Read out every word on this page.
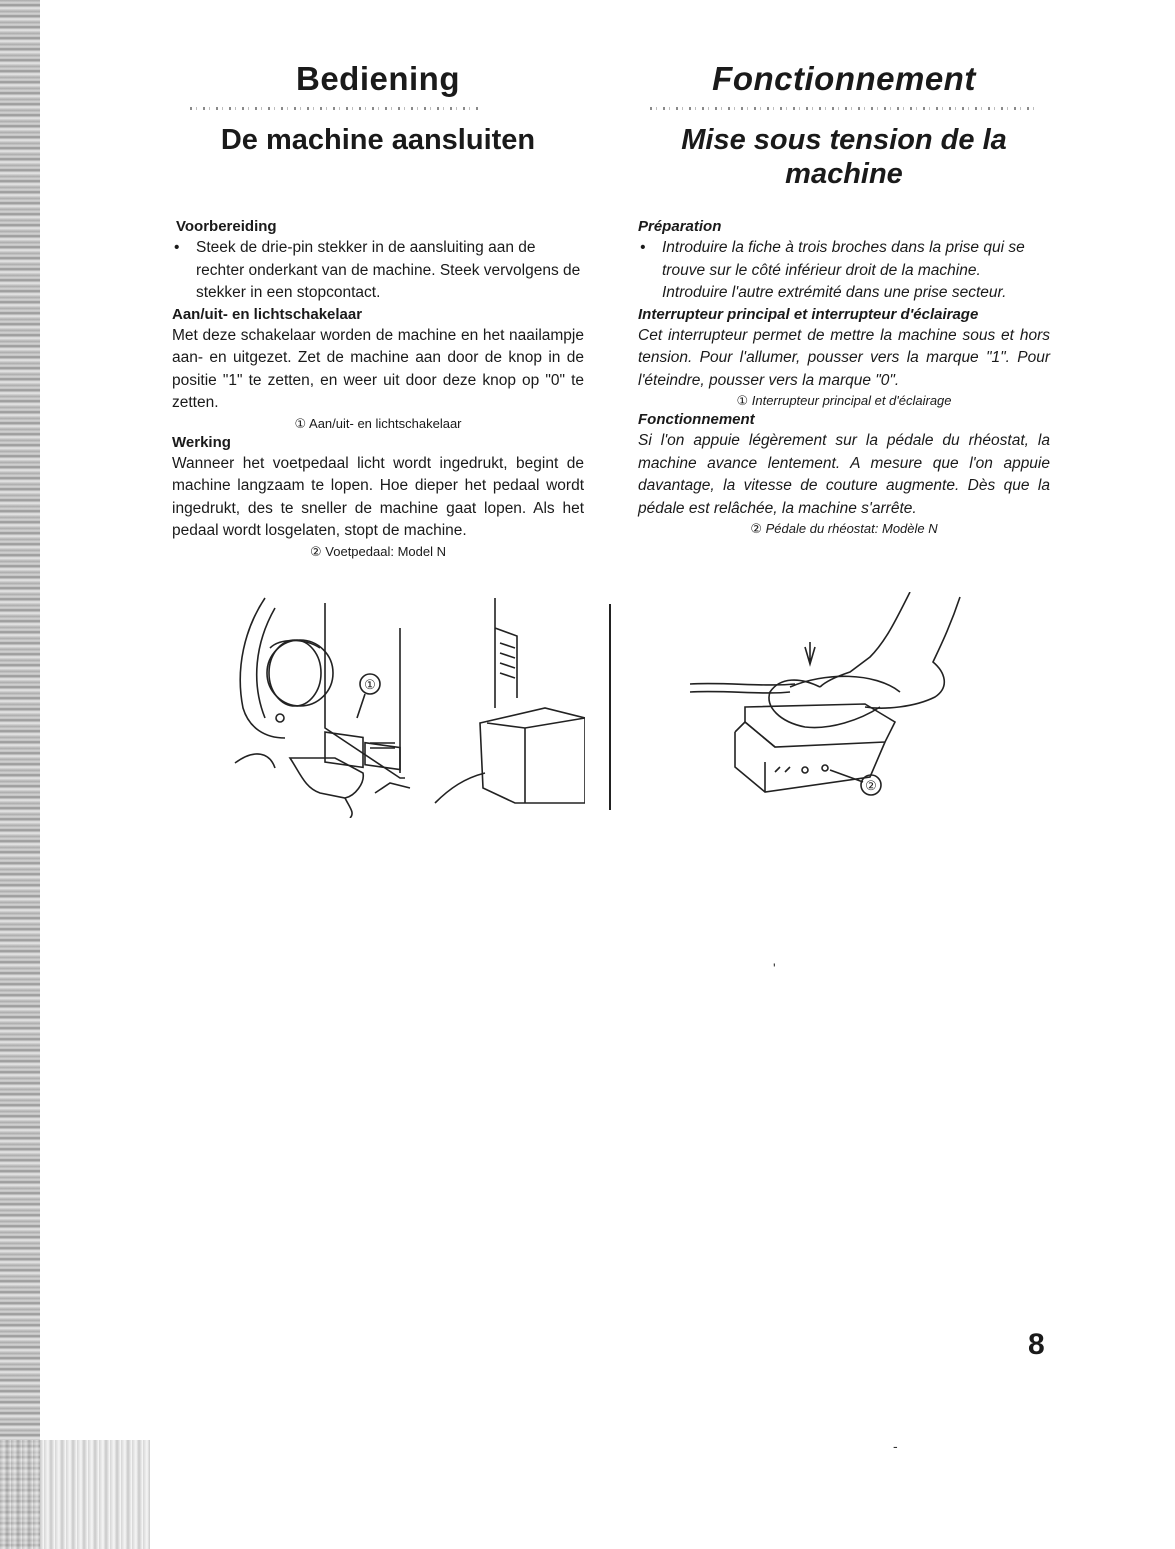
Bediening
De machine aansluiten

Voorbereiding

• Steek de drie-pin stekker in de aansluiting aan de rechter onderkant van de machine. Steek vervolgens de stekker in een stopcontact.

Aan/uit- en lichtschakelaar

Met deze schakelaar worden de machine en het naailampje aan- en uitgezet. Zet de machine aan door de knop in de positie "1" te zetten, en weer uit door deze knop op "0" te zetten.

① Aan/uit- en lichtschakelaar

Werking

Wanneer het voetpedaal licht wordt ingedrukt, begint de machine langzaam te lopen. Hoe dieper het pedaal wordt ingedrukt, des te sneller de machine gaat lopen. Als het pedaal wordt losgelaten, stopt de machine.

② Voetpedaal: Model N

Fonctionnement
Mise sous tension de la
machine

Préparation

• Introduire la fiche à trois broches dans la prise qui se trouve sur le côté inférieur droit de la machine. Introduire l'autre extrémité dans une prise secteur.

Interrupteur principal et interrupteur d'éclairage

Cet interrupteur permet de mettre la machine sous et hors tension. Pour l'allumer, pousser vers la marque "1". Pour l'éteindre, pousser vers la marque "0".

① Interrupteur principal et d'éclairage

Fonctionnement

Si l'on appuie légèrement sur la pédale du rhéostat, la machine avance lentement. A mesure que l'on appuie davantage, la vitesse de couture augmente. Dès que la pédale est relâchée, la machine s'arrête.

② Pédale du rhéostat: Modèle N

①
②
8
'
-
